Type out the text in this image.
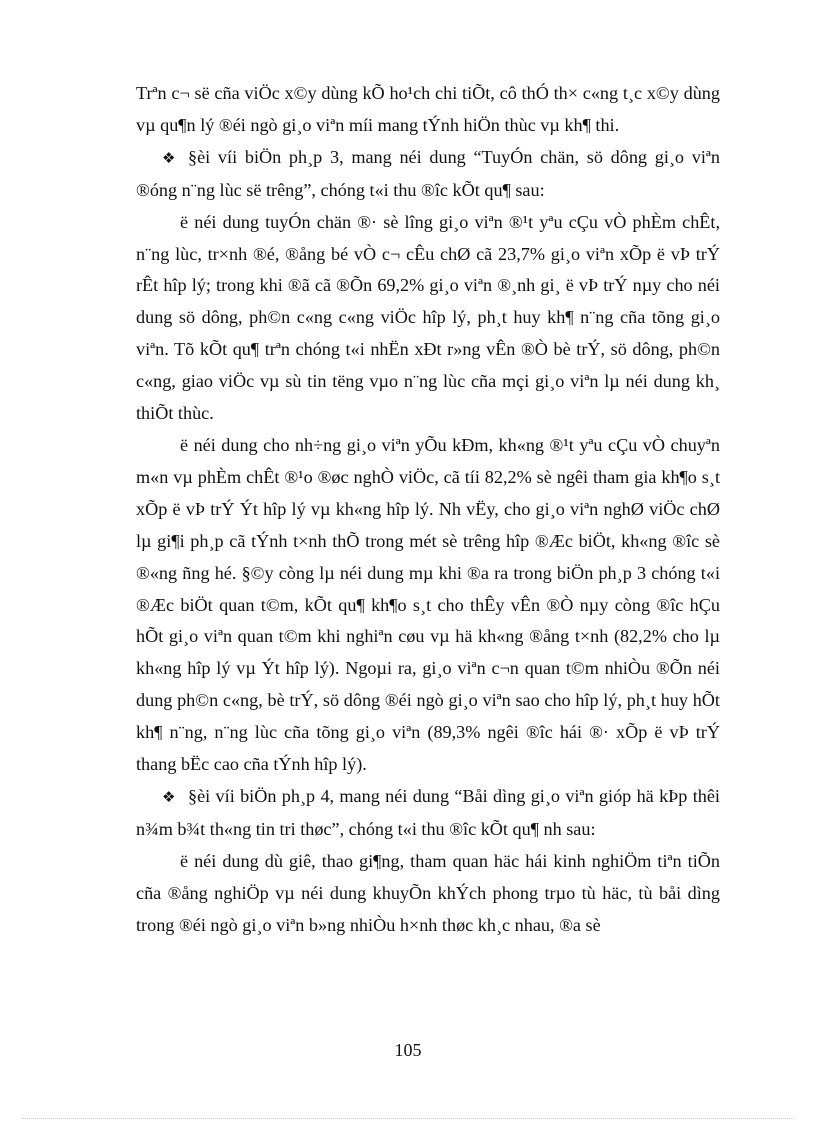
Trªn c¬ së cña viÖc x©y dùng kÕ ho¹ch chi tiÕt, cô thÓ th× c«ng t¸c x©y dùng vµ qu¶n lý ®éi ngò gi¸o viªn míi mang tÝnh hiÖn thùc vµ kh¶ thi.

❖ §èi víi biÖn ph¸p 3, mang néi dung “TuyÓn chän, sö dông gi¸o viªn ®óng n¨ng lùc së trêng”, chóng t«i thu ®îc kÕt qu¶ sau:

ë néi dung tuyÓn chän ®· sè lîng gi¸o viªn ®¹t yªu cÇu vÒ phÈm chÊt, n¨ng lùc, tr×nh ®é, ®ång bé vÒ c¬ cÊu chØ cã 23,7% gi¸o viªn xÕp ë vÞ trÝ rÊt hîp lý; trong khi ®ã cã ®Õn 69,2% gi¸o viªn ®¸nh gi¸ ë vÞ trÝ nµy cho néi dung sö dông, ph©n c«ng c«ng viÖc hîp lý, ph¸t huy kh¶ n¨ng cña tõng gi¸o viªn. Tõ kÕt qu¶ trªn chóng t«i nhËn xÐt r»ng vÊn ®Ò bè trÝ, sö dông, ph©n c«ng, giao viÖc vµ sù tin tëng vµo n¨ng lùc cña mçi gi¸o viªn lµ néi dung kh¸ thiÕt thùc.

ë néi dung cho nh÷ng gi¸o viªn yÕu kÐm, kh«ng ®¹t yªu cÇu vÒ chuyªn m«n vµ phÈm chÊt ®¹o ®øc nghÒ viÖc, cã tíi 82,2% sè ngêi tham gia kh¶o s¸t xÕp ë vÞ trÝ Ýt hîp lý vµ kh«ng hîp lý. Nh vËy, cho gi¸o viªn nghØ viÖc chØ lµ gi¶i ph¸p cã tÝnh t×nh thÕ trong mét sè trêng hîp ®Æc biÖt, kh«ng ®îc sè ®«ng ñng hé. §©y còng lµ néi dung mµ khi ®a ra trong biÖn ph¸p 3 chóng t«i ®Æc biÖt quan t©m, kÕt qu¶ kh¶o s¸t cho thÊy vÊn ®Ò nµy còng ®îc hÇu hÕt gi¸o viªn quan t©m khi nghiªn cøu vµ hä kh«ng ®ång t×nh (82,2% cho lµ kh«ng hîp lý vµ Ýt hîp lý). Ngoµi ra, gi¸o viªn c¬n quan t©m nhiÒu ®Õn néi dung ph©n c«ng, bè trÝ, sö dông ®éi ngò gi¸o viªn sao cho hîp lý, ph¸t huy hÕt kh¶ n¨ng, n¨ng lùc cña tõng gi¸o viªn (89,3% ngêi ®îc hái ®· xÕp ë vÞ trÝ thang bËc cao cña tÝnh hîp lý).

❖ §èi víi biÖn ph¸p 4, mang néi dung “Båi dìng gi¸o viªn gióp hä kÞp thêi n¾m b¾t th«ng tin tri thøc”, chóng t«i thu ®îc kÕt qu¶ nh sau:

ë néi dung dù giê, thao gi¶ng, tham quan häc hái kinh nghiÖm tiªn tiÕn cña ®ång nghiÖp vµ néi dung khuyÕn khÝch phong trµo tù häc, tù båi dìng trong ®éi ngò gi¸o viªn b»ng nhiÒu h×nh thøc kh¸c nhau, ®a sè

105
